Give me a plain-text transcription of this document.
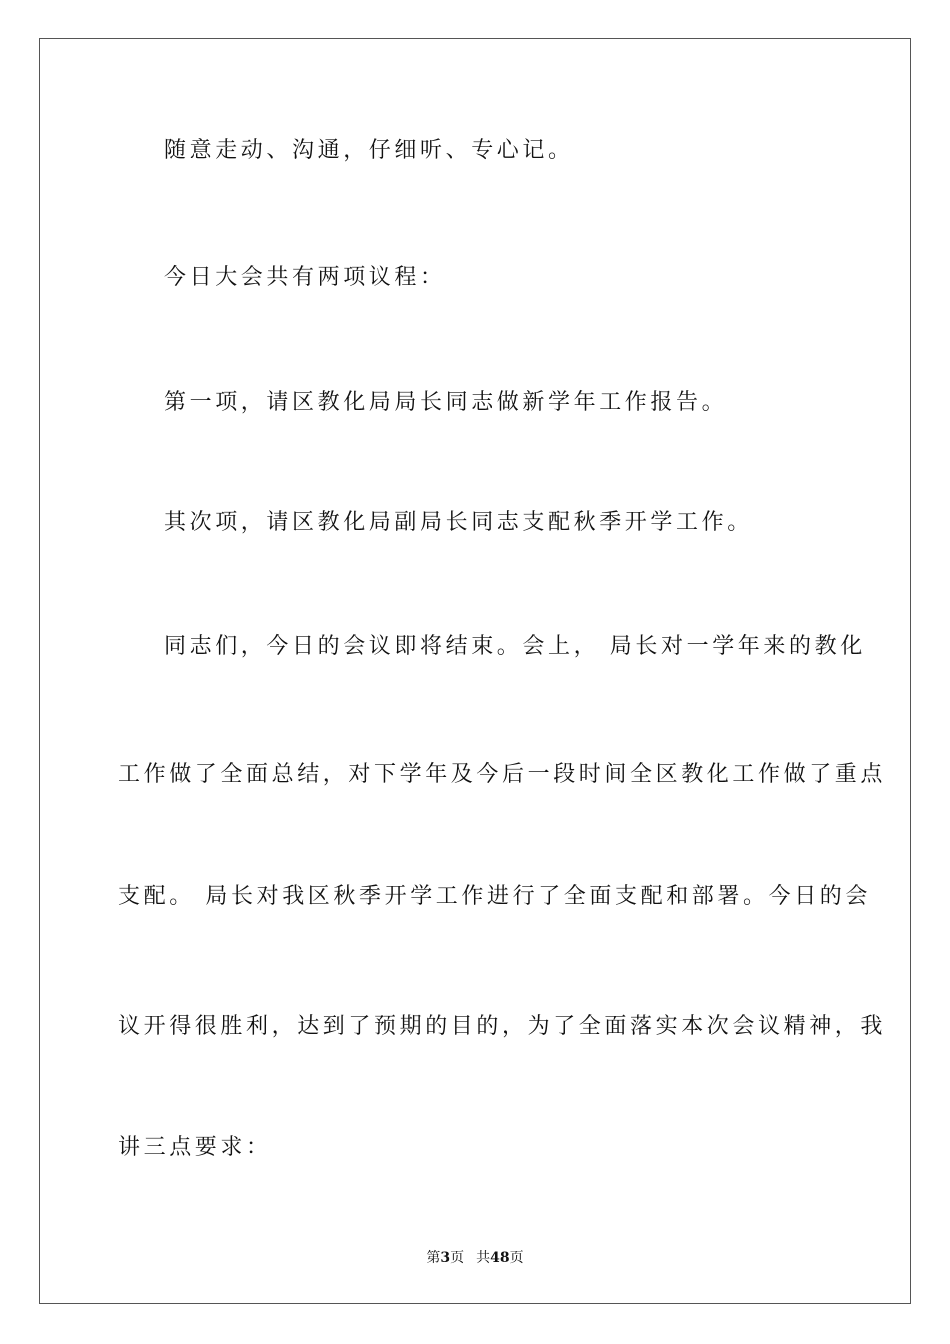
随意走动、沟通，仔细听、专心记。
今日大会共有两项议程：
第一项，请区教化局局长同志做新学年工作报告。
其次项，请区教化局副局长同志支配秋季开学工作。
同志们，今日的会议即将结束。会上， 局长对一学年来的教化
工作做了全面总结，对下学年及今后一段时间全区教化工作做了重点
支配。 局长对我区秋季开学工作进行了全面支配和部署。今日的会
议开得很胜利，达到了预期的目的，为了全面落实本次会议精神，我
讲三点要求：
第3页 共48页
